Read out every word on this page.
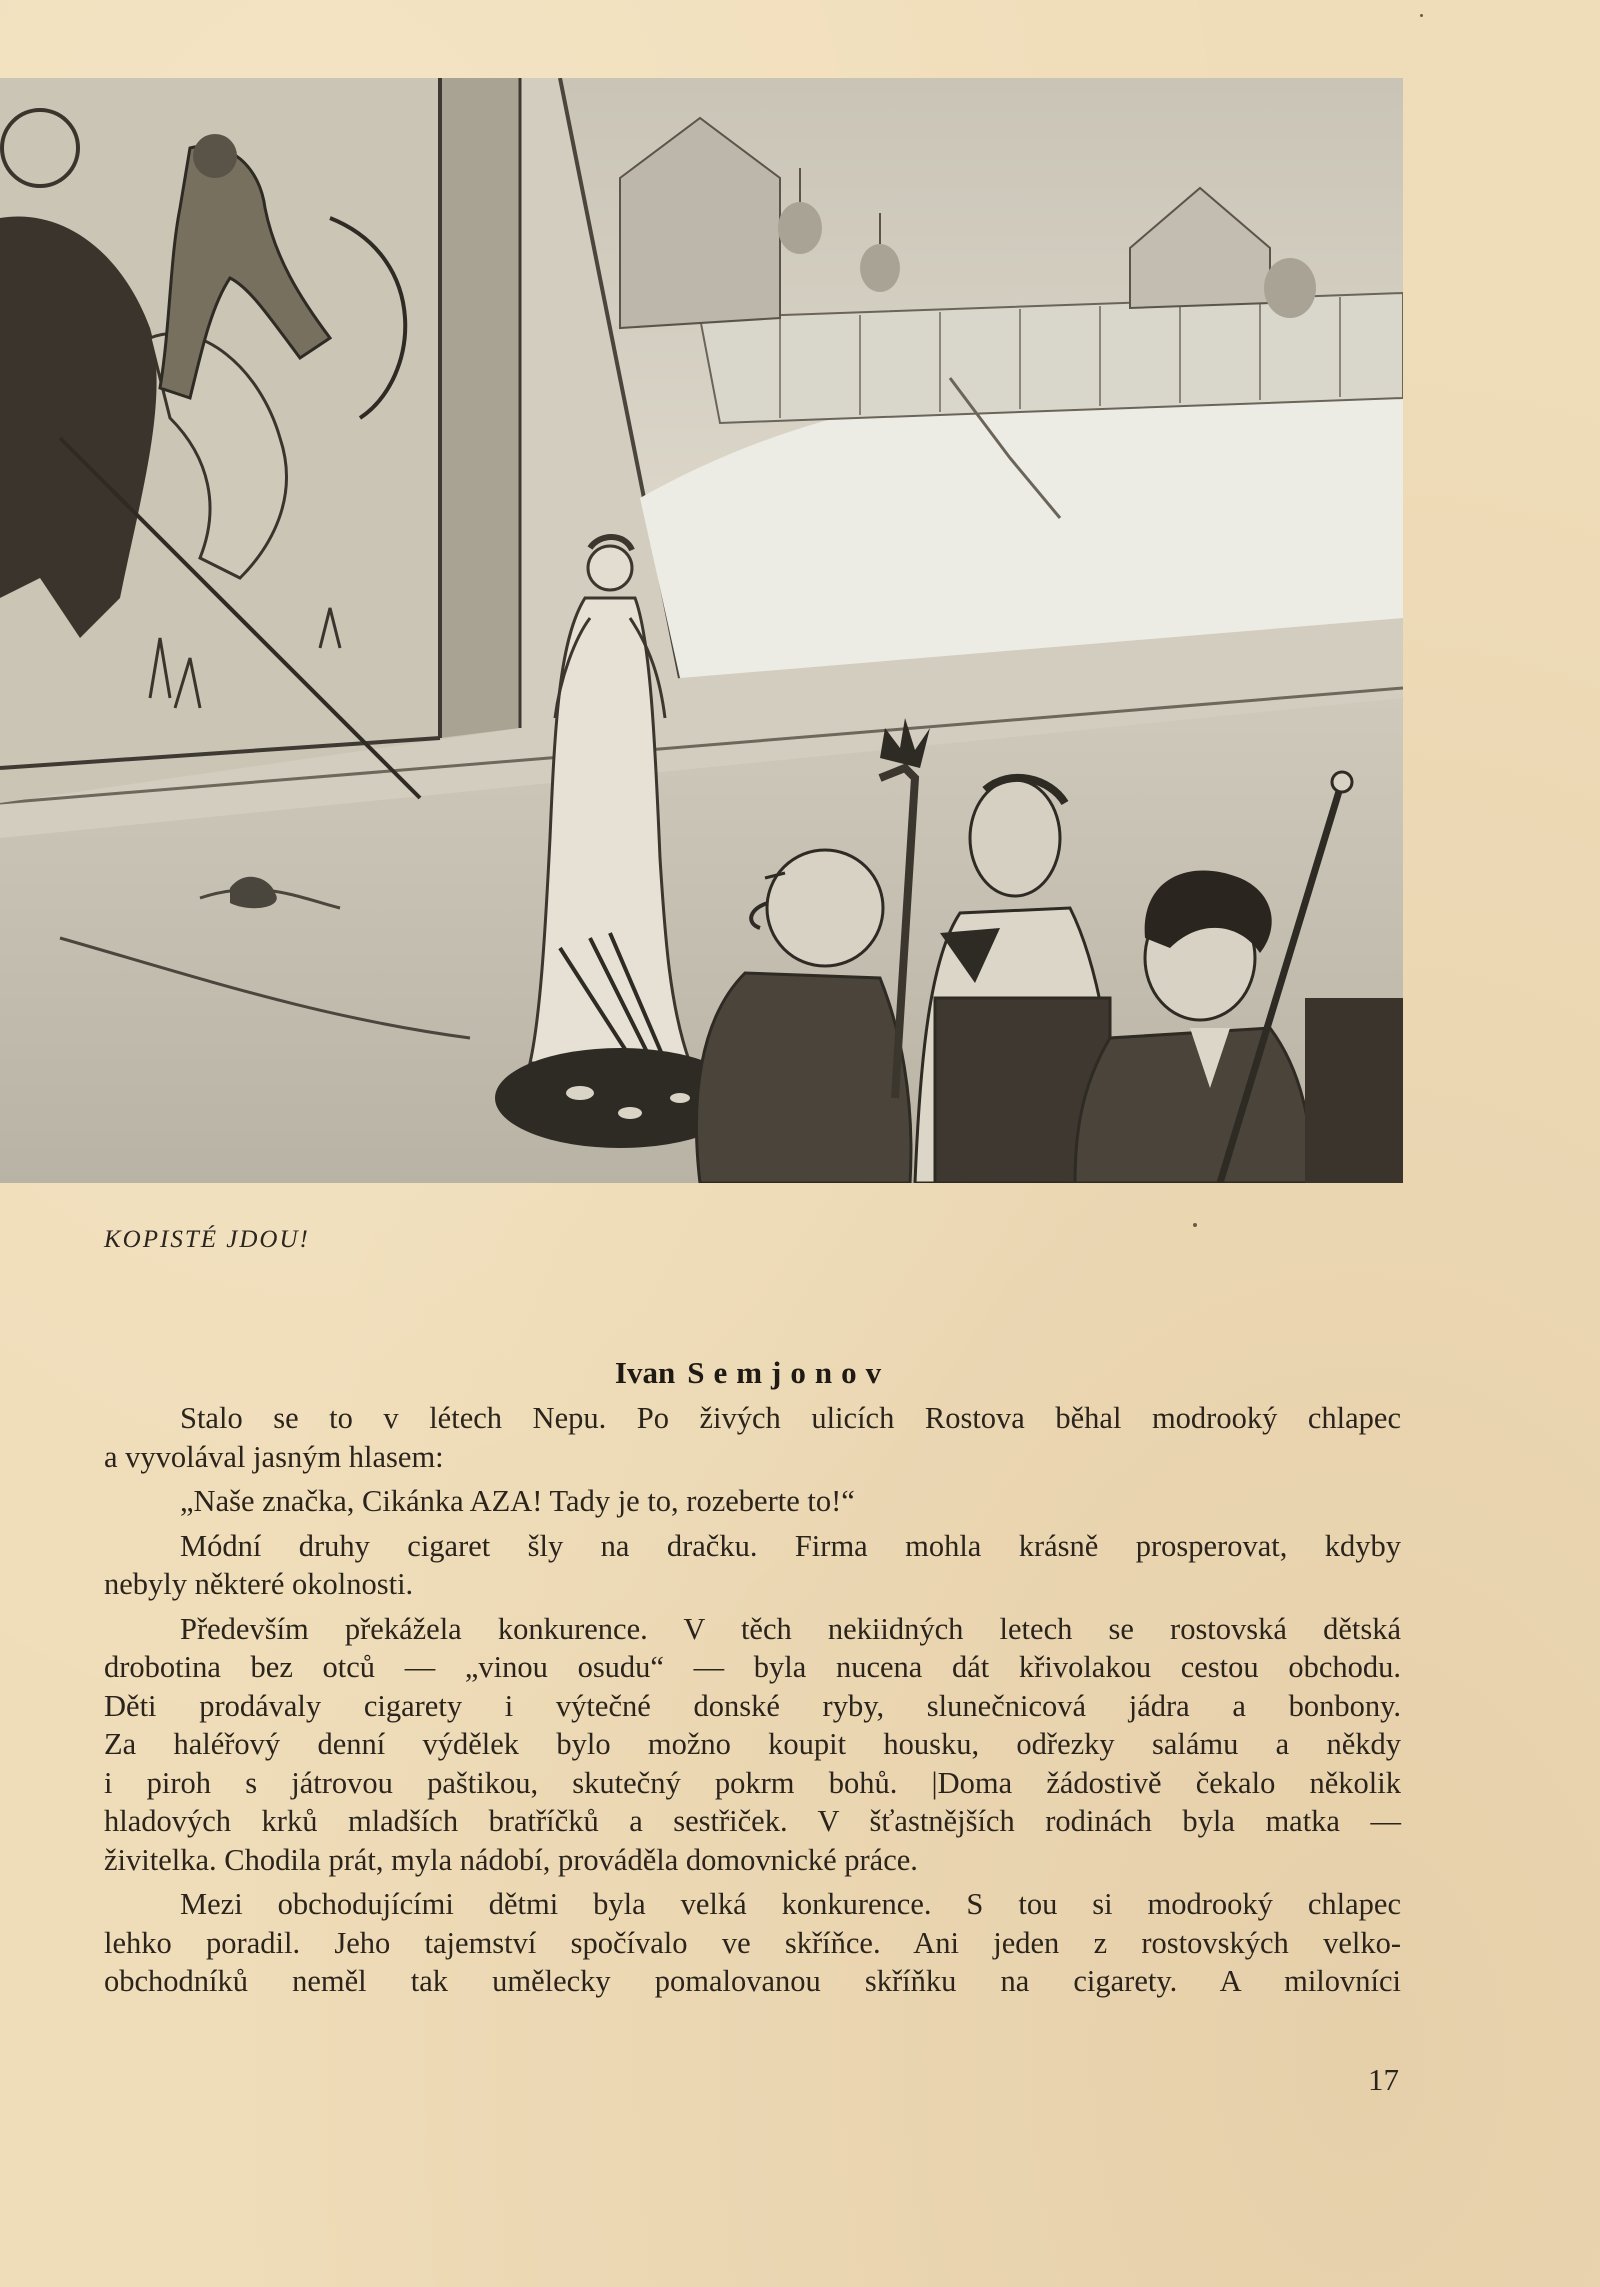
KOPISTÉ JDOU!
Ivan Semjonov
Stalo se to v létech Nepu. Po živých ulicích Rostova běhal modrooký chlapec
a vyvolával jasným hlasem:
„Naše značka, Cikánka AZA! Tady je to, rozeberte to!“
Módní druhy cigaret šly na dračku. Firma mohla krásně prosperovat, kdyby
nebyly některé okolnosti.
Především překážela konkurence. V těch nekiidných letech se rostovská dětská
drobotina bez otců — „vinou osudu“ — byla nucena dát křivolakou cestou obchodu.
Děti prodávaly cigarety i výtečné donské ryby, slunečnicová jádra a bonbony.
Za haléřový denní výdělek bylo možno koupit housku, odřezky salámu a někdy
i piroh s játrovou paštikou, skutečný pokrm bohů. |Doma žádostivě čekalo několik
hladových krků mladších bratříčků a sestřiček. V šťastnějších rodinách byla matka —
živitelka. Chodila prát, myla nádobí, prováděla domovnické práce.
Mezi obchodujícími dětmi byla velká konkurence. S tou si modrooký chlapec
lehko poradil. Jeho tajemství spočívalo ve skříňce. Ani jeden z rostovských velko-
obchodníků neměl tak umělecky pomalovanou skříňku na cigarety. A milovníci
17
